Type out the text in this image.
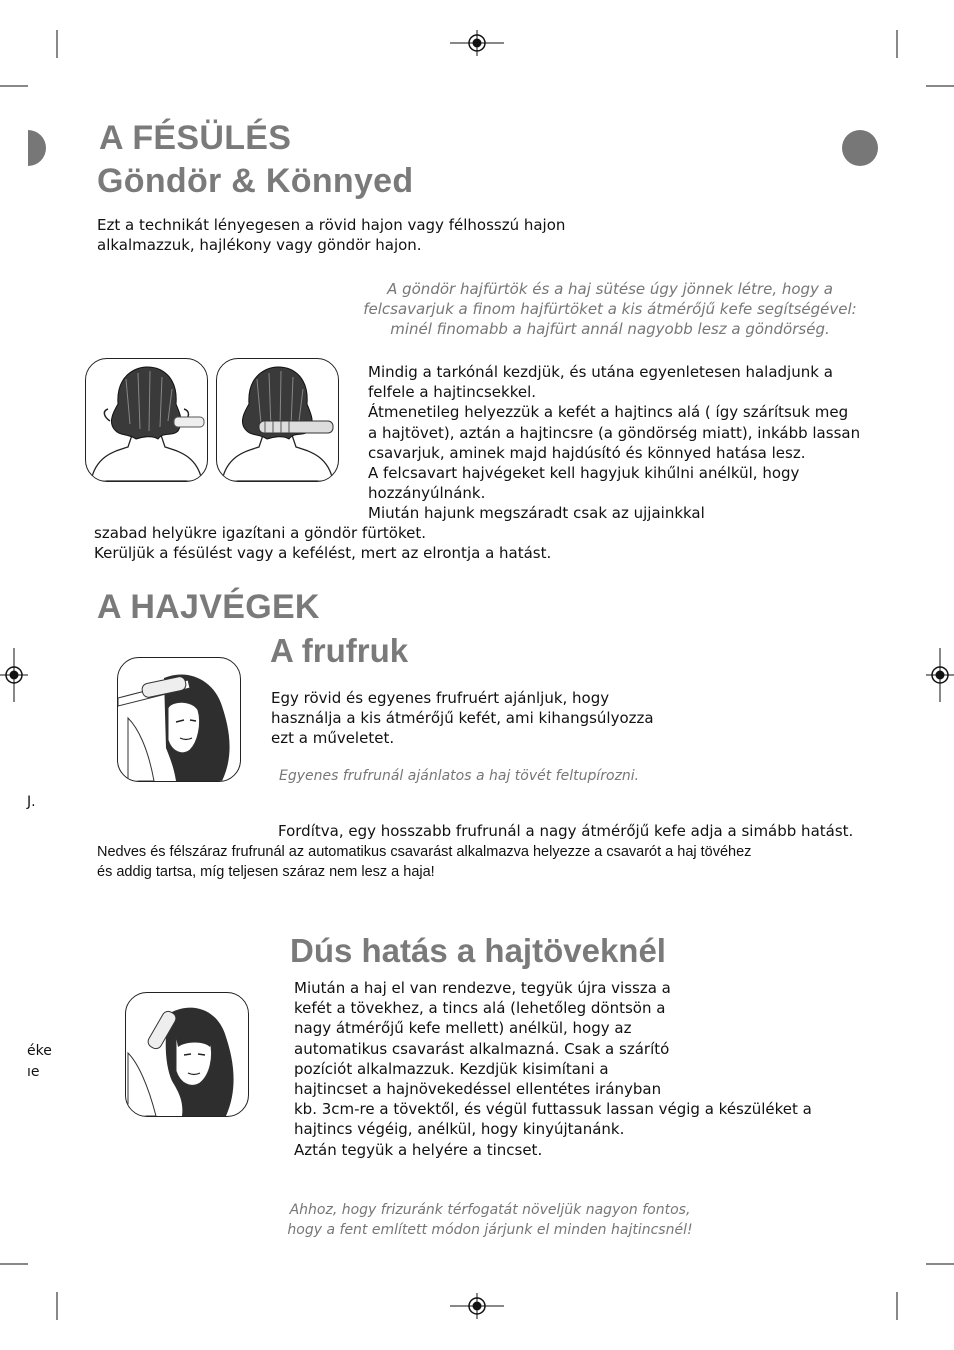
A FÉSÜLÉS
Göndör & Könnyed
Ezt a technikát lényegesen a rövid hajon vagy félhosszú hajon
alkalmazzuk, hajlékony vagy göndör hajon.
A göndör hajfürtök és a haj sütése úgy jönnek létre, hogy a
felcsavarjuk a finom hajfürtöket a kis átmérőjű kefe segítségével:
minél finomabb a hajfürt annál nagyobb lesz a göndörség.
Mindig a tarkónál kezdjük, és utána egyenletesen haladjunk a
felfele a hajtincsekkel.
Átmenetileg helyezzük a kefét a hajtincs alá ( így szárítsuk meg
a hajtövet), aztán a hajtincsre (a göndörség miatt), inkább lassan
csavarjuk, aminek majd hajdúsító és könnyed hatása lesz.
A felcsavart hajvégeket kell hagyjuk kihűlni anélkül, hogy
hozzányúlnánk.
Miután hajunk megszáradt csak az ujjainkkal
szabad helyükre igazítani a göndör fürtöket.
Kerüljük a fésülést vagy a kefélést, mert az elrontja a hatást.
A HAJVÉGEK
A frufruk
Egy rövid és egyenes frufruért ajánljuk, hogy
használja a kis átmérőjű kefét, ami kihangsúlyozza
ezt a műveletet.
Egyenes frufrunál ajánlatos a haj tövét feltupírozni.
Fordítva, egy hosszabb frufrunál a nagy átmérőjű kefe adja a simább hatást.
Nedves és félszáraz frufrunál az automatikus csavarást alkalmazva helyezze a csavarót a haj tövéhez
és addig tartsa, míg teljesen száraz nem lesz a haja!
Dús hatás a hajtöveknél
Miután a haj el van rendezve, tegyük újra vissza a
kefét a tövekhez, a tincs alá (lehetőleg döntsön a
nagy átmérőjű kefe mellett) anélkül, hogy az
automatikus csavarást alkalmazná. Csak a szárító
pozíciót alkalmazzuk. Kezdjük kisimítani a
hajtincset a hajnövekedéssel ellentétes irányban
kb. 3cm-re a tövektől, és végül futtassuk lassan végig a készüléket a
hajtincs végéig, anélkül, hogy kinyújtanánk.
Aztán tegyük a helyére a tincset.
Ahhoz, hogy frizuránk térfogatát növeljük nagyon fontos,
hogy a fent említett módon járjunk el minden hajtincsnél!
J.
éke
ıe
